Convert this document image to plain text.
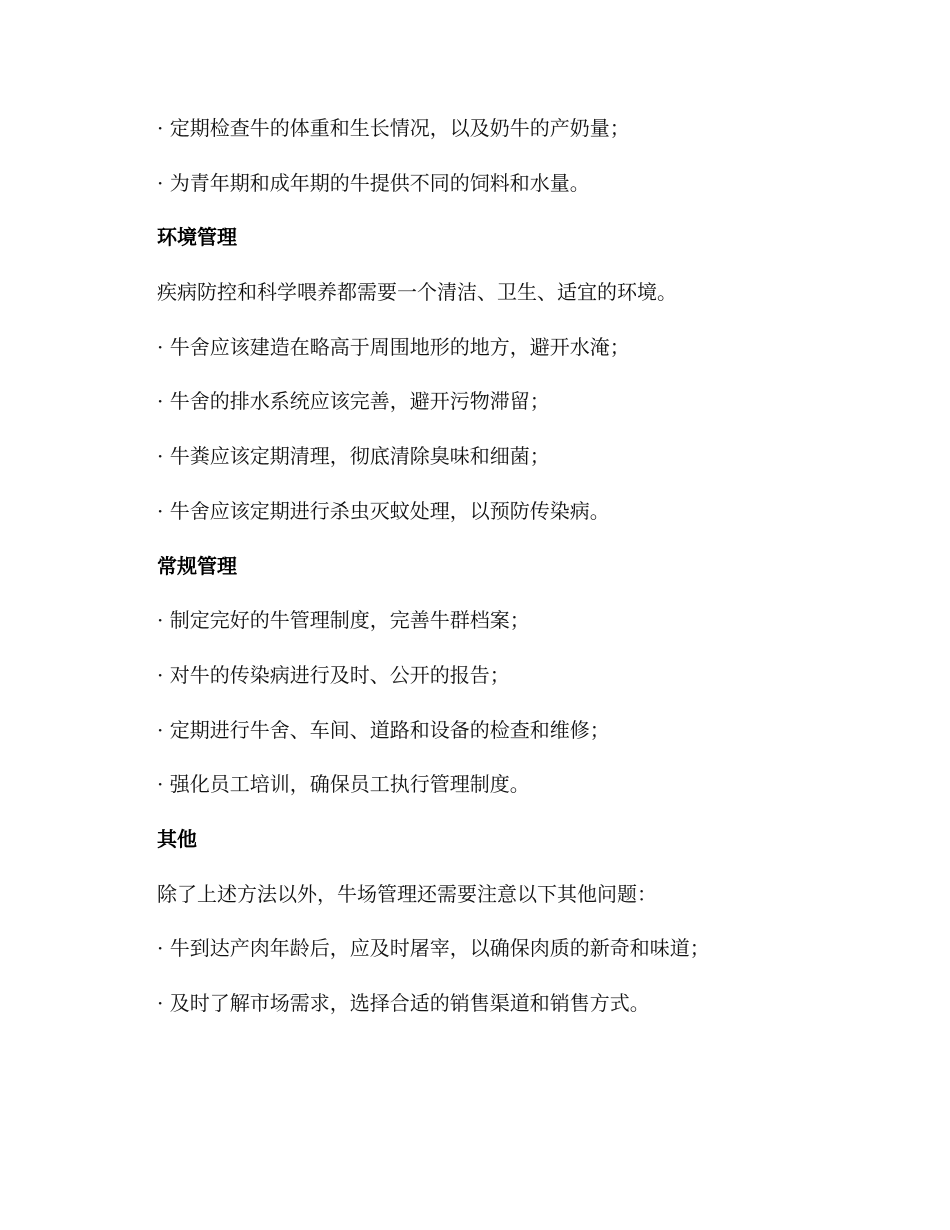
· 定期检查牛的体重和生长情况，以及奶牛的产奶量；
· 为青年期和成年期的牛提供不同的饲料和水量。
环境管理
疾病防控和科学喂养都需要一个清洁、卫生、适宜的环境。
· 牛舍应该建造在略高于周围地形的地方，避开水淹；
· 牛舍的排水系统应该完善，避开污物滞留；
· 牛粪应该定期清理，彻底清除臭味和细菌；
· 牛舍应该定期进行杀虫灭蚊处理，以预防传染病。
常规管理
· 制定完好的牛管理制度，完善牛群档案；
· 对牛的传染病进行及时、公开的报告；
· 定期进行牛舍、车间、道路和设备的检查和维修；
· 强化员工培训，确保员工执行管理制度。
其他
除了上述方法以外，牛场管理还需要注意以下其他问题：
· 牛到达产肉年龄后，应及时屠宰，以确保肉质的新奇和味道；
· 及时了解市场需求，选择合适的销售渠道和销售方式。
